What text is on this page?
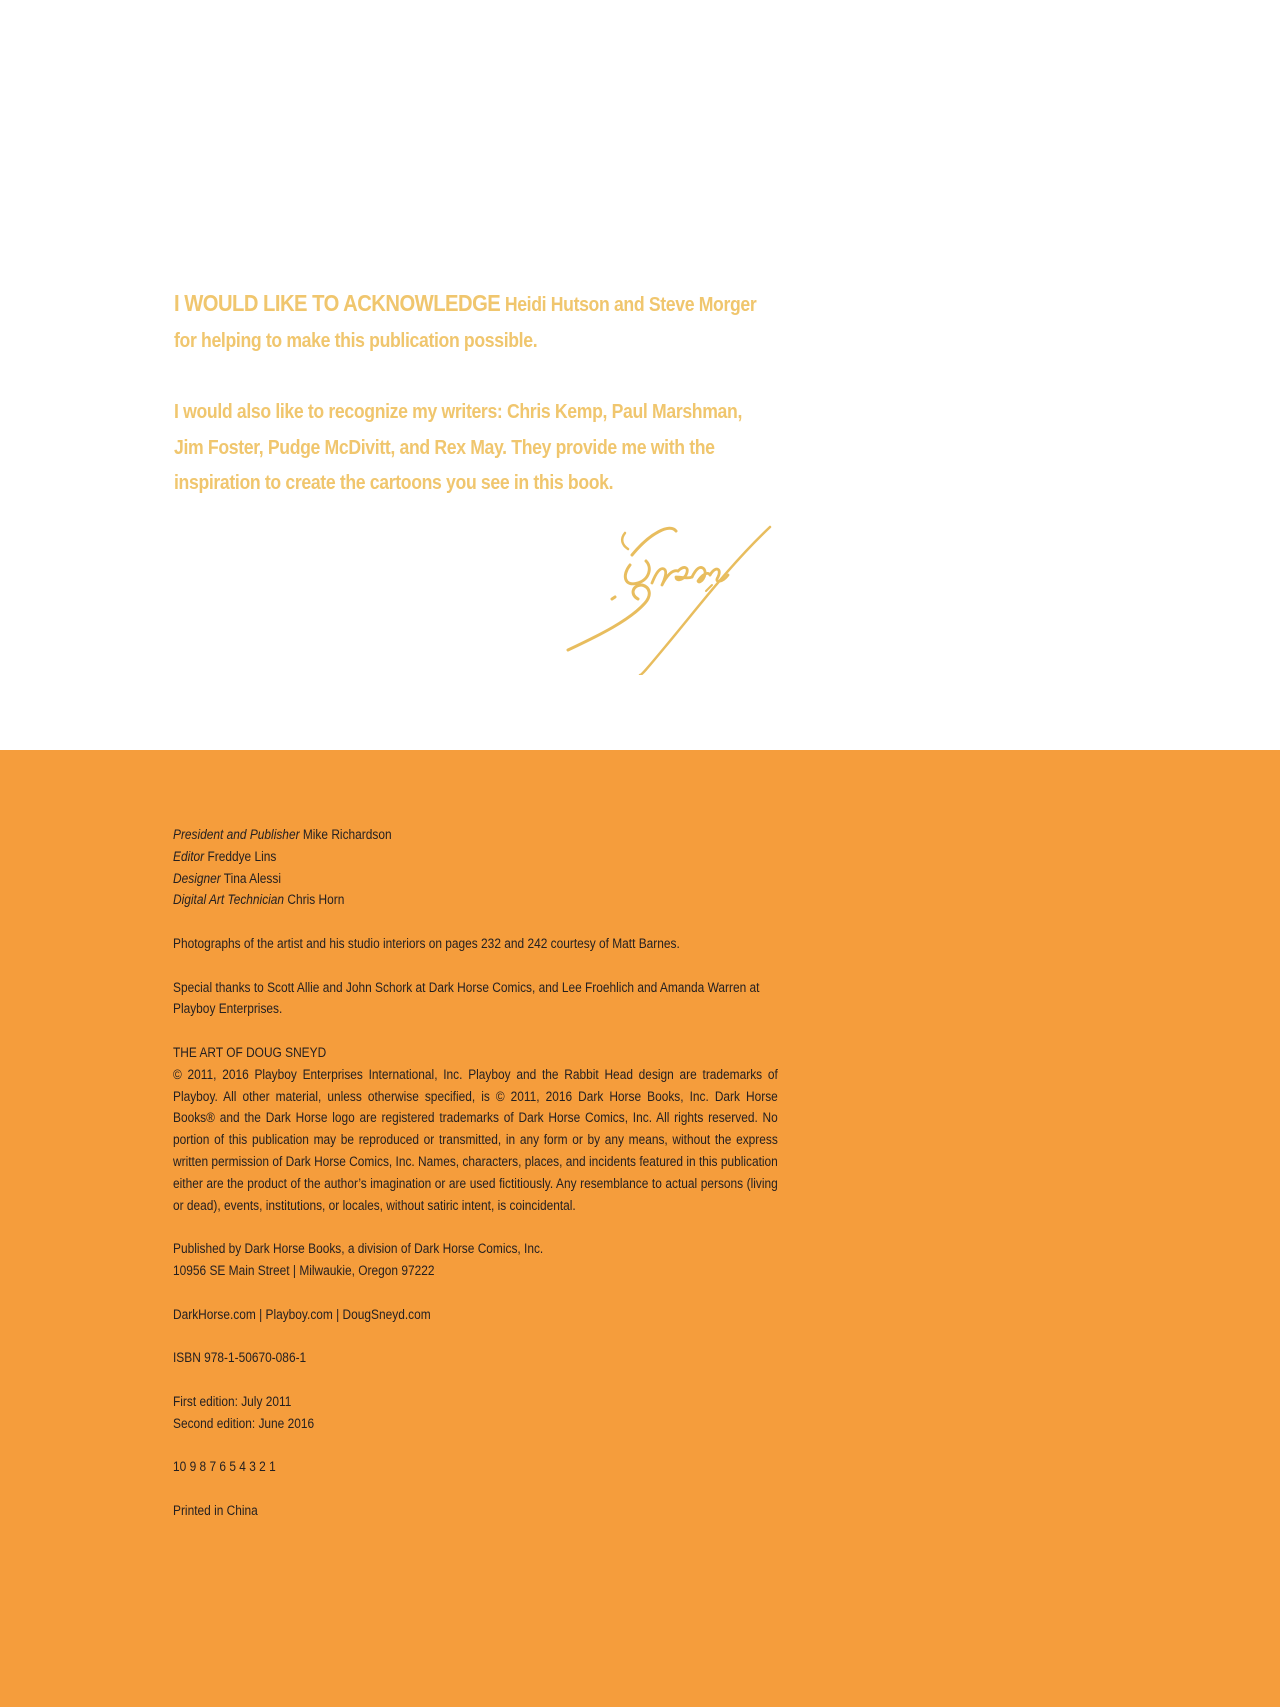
I WOULD LIKE TO ACKNOWLEDGE Heidi Hutson and Steve Morger for helping to make this publication possible.

I would also like to recognize my writers: Chris Kemp, Paul Marshman, Jim Foster, Pudge McDivitt, and Rex May. They provide me with the inspiration to create the cartoons you see in this book.

President and Publisher Mike Richardson

Editor Freddye Lins

Designer Tina Alessi

Digital Art Technician Chris Horn

Photographs of the artist and his studio interiors on pages 232 and 242 courtesy of Matt Barnes.

Special thanks to Scott Allie and John Schork at Dark Horse Comics, and Lee Froehlich and Amanda Warren at Playboy Enterprises.

THE ART OF DOUG SNEYD

© 2011, 2016 Playboy Enterprises International, Inc. Playboy and the Rabbit Head design are trademarks of Playboy. All other material, unless otherwise specified, is © 2011, 2016 Dark Horse Books, Inc. Dark Horse Books® and the Dark Horse logo are registered trademarks of Dark Horse Comics, Inc. All rights reserved. No portion of this publication may be reproduced or transmitted, in any form or by any means, without the express written permission of Dark Horse Comics, Inc. Names, characters, places, and incidents featured in this publication either are the product of the author’s imagination or are used fictitiously. Any resemblance to actual persons (living or dead), events, institutions, or locales, without satiric intent, is coincidental.

Published by Dark Horse Books, a division of Dark Horse Comics, Inc.

10956 SE Main Street | Milwaukie, Oregon 97222

DarkHorse.com | Playboy.com | DougSneyd.com

ISBN 978-1-50670-086-1

First edition: July 2011

Second edition: June 2016

10 9 8 7 6 5 4 3 2 1

Printed in China
